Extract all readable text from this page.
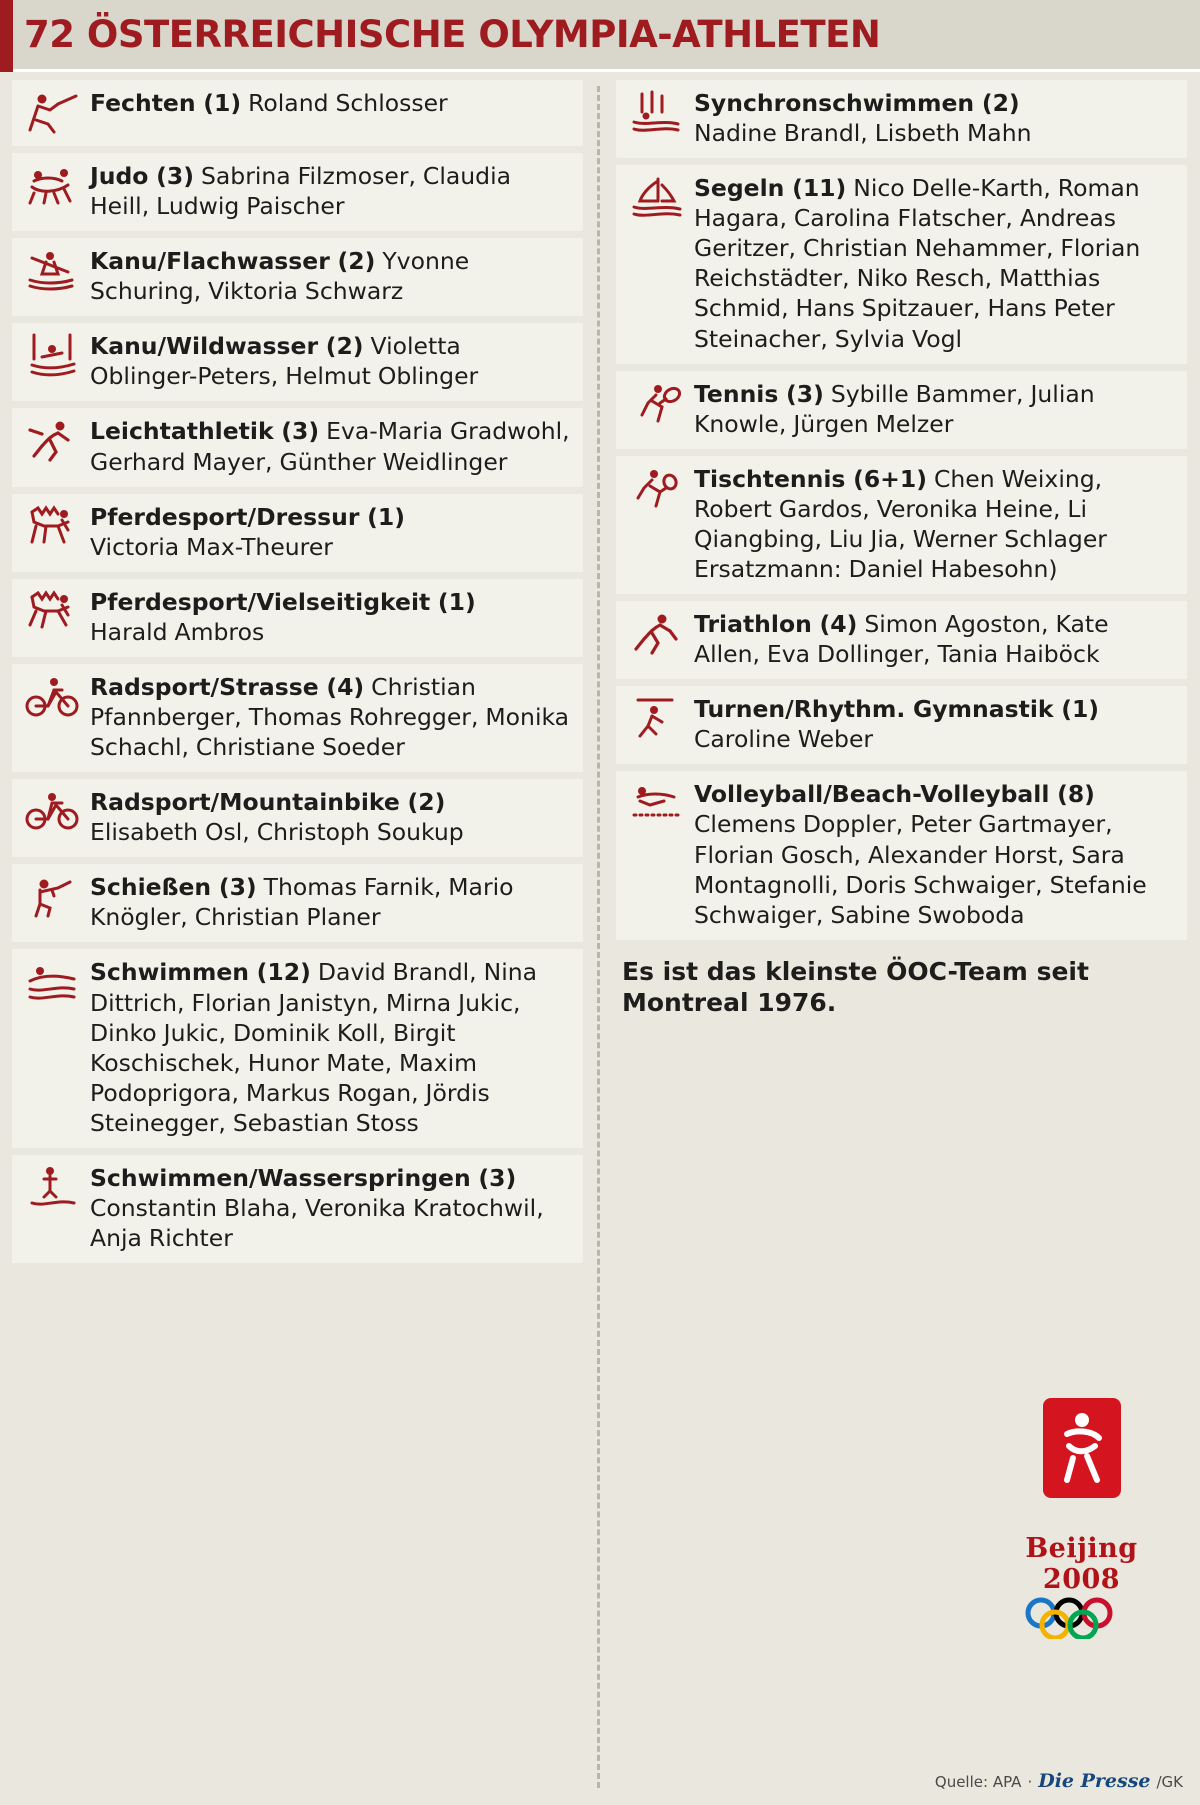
72 ÖSTERREICHISCHE OLYMPIA-ATHLETEN
Fechten (1) Roland Schlosser
Judo (3) Sabrina Filzmoser, Claudia Heill, Ludwig Paischer
Kanu/Flachwasser (2) Yvonne Schuring, Viktoria Schwarz
Kanu/Wildwasser (2) Violetta Oblinger-Peters, Helmut Oblinger
Leichtathletik (3) Eva-Maria Gradwohl, Gerhard Mayer, Günther Weidlinger
Pferdesport/Dressur (1)
Victoria Max-Theurer
Pferdesport/Vielseitigkeit (1)
Harald Ambros
Radsport/Strasse (4) Christian Pfannberger, Thomas Rohregger, Monika Schachl, Christiane Soeder
Radsport/Mountainbike (2)
Elisabeth Osl, Christoph Soukup
Schießen (3) Thomas Farnik, Mario Knögler, Christian Planer
Schwimmen (12) David Brandl, Nina Dittrich, Florian Janistyn, Mirna Jukic, Dinko Jukic, Dominik Koll, Birgit Koschischek, Hunor Mate, Maxim Podoprigora, Markus Rogan, Jördis Steinegger, Sebastian Stoss
Schwimmen/Wasserspringen (3) Constantin Blaha, Veronika Kratochwil, Anja Richter
Synchronschwimmen (2)
Nadine Brandl, Lisbeth Mahn
Segeln (11) Nico Delle-Karth, Roman Hagara, Carolina Flatscher, Andreas Geritzer, Christian Nehammer, Florian Reichstädter, Niko Resch, Matthias Schmid, Hans Spitzauer, Hans Peter Steinacher, Sylvia Vogl
Tennis (3) Sybille Bammer, Julian Knowle, Jürgen Melzer
Tischtennis (6+1) Chen Weixing, Robert Gardos, Veronika Heine, Li Qiangbing, Liu Jia, Werner Schlager Ersatzmann: Daniel Habesohn)
Triathlon (4) Simon Agoston, Kate Allen, Eva Dollinger, Tania Haiböck
Turnen/Rhythm. Gymnastik (1)
Caroline Weber
Volleyball/Beach-Volleyball (8)
Clemens Doppler, Peter Gartmayer, Florian Gosch, Alexander Horst, Sara Montagnolli, Doris Schwaiger, Stefanie Schwaiger, Sabine Swoboda
Es ist das kleinste ÖOC-Team seit Montreal 1976.
Beijing 2008
Quelle: APA · Die Presse /GK
